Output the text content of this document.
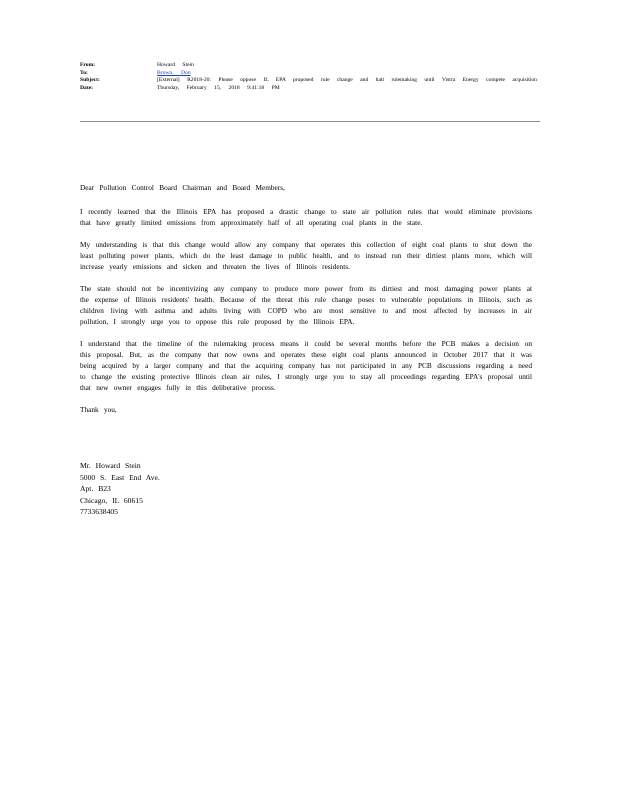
From:	Howard Stein
To:	Brown, Don
Subject:	[External] R2018-20: Please oppose IL EPA proposed rule change and halt rulemaking until Vistra Energy compete acquisition
Date:	Thursday, February 15, 2018 9:41:18 PM

Dear Pollution Control Board Chairman and Board Members,

I recently learned that the Illinois EPA has proposed a drastic change to state air pollution rules that would eliminate provisions that have greatly limited emissions from approximately half of all operating coal plants in the state.

My understanding is that this change would allow any company that operates this collection of eight coal plants to shut down the least polluting power plants, which do the least damage to public health, and to instead run their dirtiest plants more, which will increase yearly emissions and sicken and threaten the lives of Illinois residents.

The state should not be incentivizing any company to produce more power from its dirtiest and most damaging power plants at the expense of Illinois residents' health. Because of the threat this rule change poses to vulnerable populations in Illinois, such as children living with asthma and adults living with COPD who are most sensitive to and most affected by increases in air pollution, I strongly urge you to oppose this rule proposed by the Illinois EPA.

I understand that the timeline of the rulemaking process means it could be several months before the PCB makes a decision on this proposal. But, as the company that now owns and operates these eight coal plants announced in October 2017 that it was being acquired by a larger company and that the acquiring company has not participated in any PCB discussions regarding a need to change the existing protective Illinois clean air rules, I strongly urge you to stay all proceedings regarding EPA's proposal until that new owner engages fully in this deliberative process.

Thank you,

Mr. Howard Stein
5000 S. East End Ave.
Apt. B23
Chicago, IL 60615
7733638405
